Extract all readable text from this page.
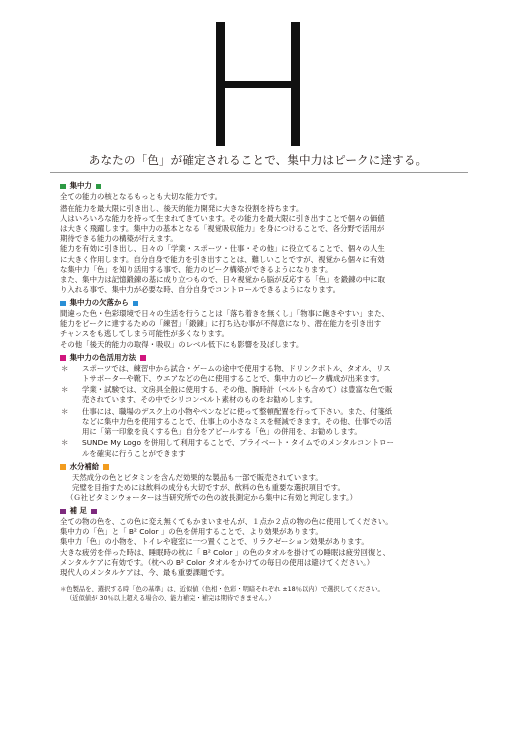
あなたの「色」が確定されることで、集中力はピークに達する。
集中力
全ての能力の核となるもっとも大切な能力です。
潜在能力を最大限に引き出し、後天的能力開発に大きな役割を持ちます。
人はいろいろな能力を持って生まれてきています。その能力を最大限に引き出すことで個々の価値
は大きく飛躍します。集中力の基本となる「視覚吸収能力」を身につけることで、各分野で活用が
期待できる能力の構築が行えます。
能力を有効に引き出し、日々の「学業・スポーツ・仕事・その他」に役立てることで、個々の人生
に大きく作用します。自分自身で能力を引き出すことは、難しいことですが、視覚から個々に有効
な集中力「色」を知り活用する事で、能力のピーク構築ができるようになります。
また、集中力は記憶鍛錬の基に成り立つもので、日々視覚から脳が反応する「色」を鍛錬の中に取
り入れる事で、集中力が必要な時、自分自身でコントロールできるようになります。
集中力の欠落から
間違った色・色彩環境で日々の生活を行うことは「落ち着きを無くし」「物事に飽きやすい」また、
能力をピークに達するための「練習」「鍛錬」に打ち込む事が不得意になり、潜在能力を引き出す
チャンスをも逃してしまう可能性が多くなります。
その他「後天的能力の取得・吸収」のレベル低下にも影響を及ぼします。
集中力の色活用方法
＊ スポーツでは、練習中から試合・ゲームの途中で使用する物、ドリンクボトル、タオル、リス
トサポーターや靴下、ウエアなどの色に使用することで、集中力のピーク構成が出来ます。
＊ 学業・試験では、文房具全般に使用する、その他、腕時計（ベルトも含めて）は豊富な色で販
売されています、その中でシリコンベルト素材のものをお勧めします。
＊ 仕事には、職場のデスク上の小物やペンなどに使って整頓配置を行って下さい。また、付箋紙
などに集中力色を使用することで、仕事上の小さなミスを軽減できます。その他、仕事での活
用に「第一印象を良くする色」自分をアピールする「色」の併用を、お勧めします。
＊ SUNDe My Logo を併用して利用することで、プライベート・タイムでのメンタルコントロー
ルを確実に行うことができます
水分補給
天然成分の色とビタミンを含んだ効果的な製品も一部で販売されています。
完璧を目指すためには飲料の成分も大切ですが、飲料の色も重要な選択項目です。
（Ｇ社ビタミンウォーターは当研究所での色の波長測定から集中に有効と判定します。）
補 足
全ての物の色を、この色に変え無くてもかまいませんが、１点か２点の物の色に使用してください。
集中力の「色」と「 B² Color 」の色を併用することで、より効果があります。
集中力「色」の小物を、トイレや寝室に一つ置くことで、リラクゼーション効果があります。
大きな疲労を伴った時は、睡眠時の枕に「 B² Color 」の色のタオルを掛けての睡眠は疲労回復と、
メンタルケアに有効です。（枕への B² Color タオルをかけての毎日の使用は避けてください。）
現代人のメンタルケアは、今、最も重要課題です。
＊色製品を、選択する時「色の基準」は、近似値（色相・色彩・明暗それぞれ ±18％以内）で選択してください。
（近似値が 30％以上超える場合の、能力補完・補完は期待できません。）
